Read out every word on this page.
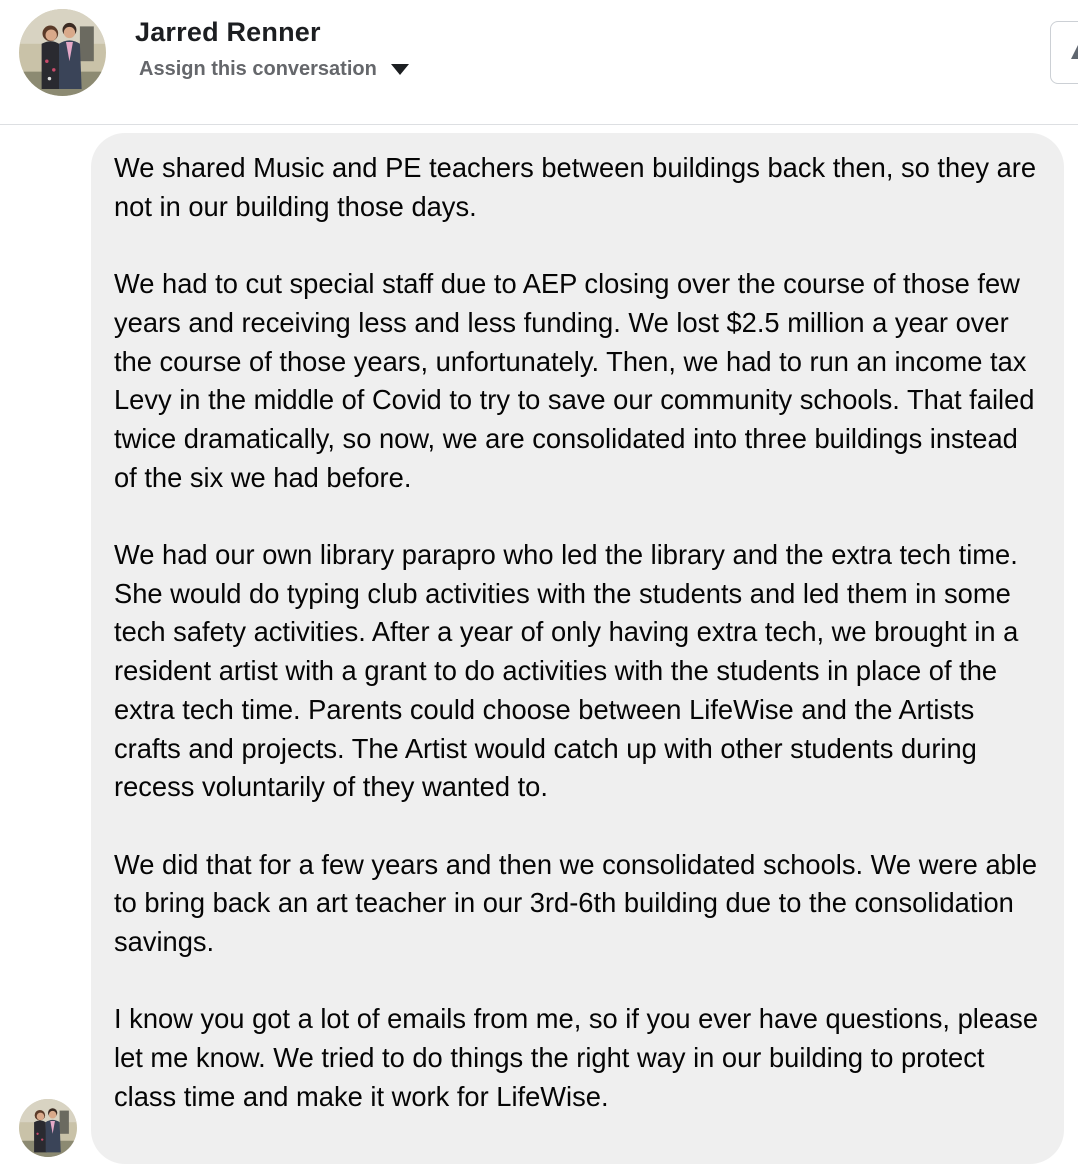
Jarred Renner
Assign this conversation

We shared Music and PE teachers between buildings back then, so they are not in our building those days.

We had to cut special staff due to AEP closing over the course of those few years and receiving less and less funding. We lost $2.5 million a year over the course of those years, unfortunately. Then, we had to run an income tax Levy in the middle of Covid to try to save our community schools. That failed twice dramatically, so now, we are consolidated into three buildings instead of the six we had before.

We had our own library parapro who led the library and the extra tech time. She would do typing club activities with the students and led them in some tech safety activities. After a year of only having extra tech, we brought in a resident artist with a grant to do activities with the students in place of the extra tech time. Parents could choose between LifeWise and the Artists crafts and projects. The Artist would catch up with other students during recess voluntarily of they wanted to.

We did that for a few years and then we consolidated schools. We were able to bring back an art teacher in our 3rd-6th building due to the consolidation savings.

I know you got a lot of emails from me, so if you ever have questions, please let me know. We tried to do things the right way in our building to protect class time and make it work for LifeWise.
